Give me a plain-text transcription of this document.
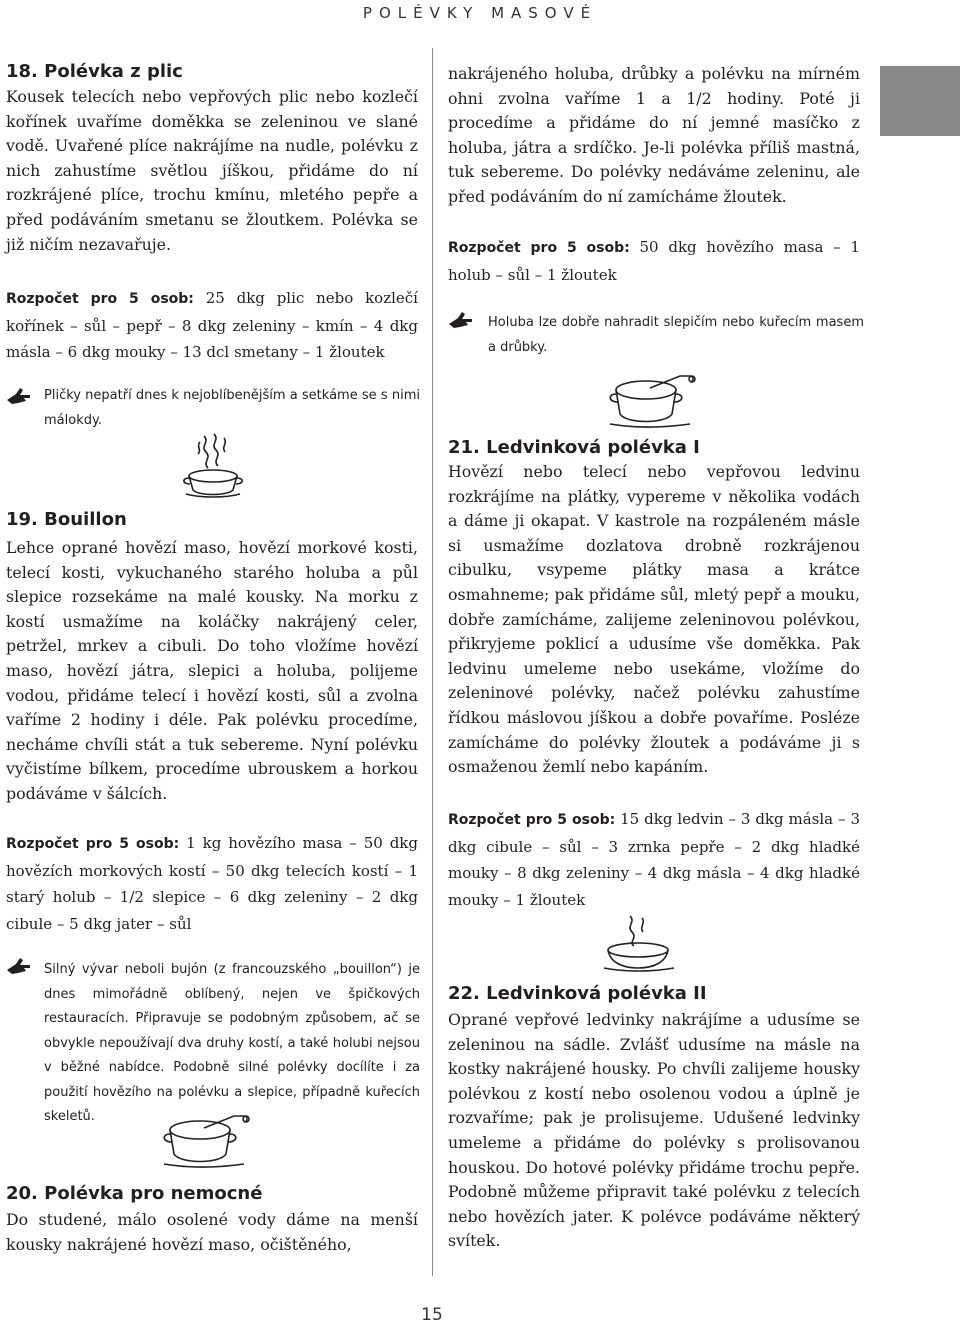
POLÉVKY MASOVÉ
18. Polévka z plic

Kousek telecích nebo vepřových plic nebo kozlečí kořínek uvaříme doměkka se zeleninou ve slané vodě. Uvařené plíce nakrájíme na nudle, polévku z nich zahustíme světlou jíškou, přidáme do ní rozkrájené plíce, trochu kmínu, mletého pepře a před podáváním smetanu se žloutkem. Polévka se již ničím nezavařuje.

Rozpočet pro 5 osob: 25 dkg plic nebo kozlečí kořínek – sůl – pepř – 8 dkg zeleniny – kmín – 4 dkg másla – 6 dkg mouky – 13 dcl smetany – 1 žloutek
Pličky nepatří dnes k nejoblíbenějším a setkáme se s nimi málokdy.
19. Bouillon

Lehce oprané hovězí maso, hovězí morkové kosti, telecí kosti, vykuchaného starého holuba a půl slepice rozsekáme na malé kousky. Na morku z kostí usmažíme na koláčky nakrájený celer, petržel, mrkev a cibuli. Do toho vložíme hovězí maso, hovězí játra, slepici a holuba, polijeme vodou, přidáme telecí i hovězí kosti, sůl a zvolna vaříme 2 hodiny i déle. Pak polévku procedíme, necháme chvíli stát a tuk sebereme. Nyní polévku vyčistíme bílkem, procedíme ubrouskem a horkou podáváme v šálcích.

Rozpočet pro 5 osob: 1 kg hovězího masa – 50 dkg hovězích morkových kostí – 50 dkg telecích kostí – 1 starý holub – 1/2 slepice – 6 dkg zeleniny – 2 dkg cibule – 5 dkg jater – sůl
Silný vývar neboli bujón (z francouzského „bouillon“) je dnes mimořádně oblíbený, nejen ve špičkových restauracích. Připravuje se podobným způsobem, ač se obvykle nepoužívají dva druhy kostí, a také holubi nejsou v běžné nabídce. Podobně silné polévky docílíte i za použití hovězího na polévku a slepice, případně kuřecích skeletů.
20. Polévka pro nemocné

Do studené, málo osolené vody dáme na menší kousky nakrájené hovězí maso, očištěného,

nakrájeného holuba, drůbky a polévku na mírném ohni zvolna vaříme 1 a 1/2 hodiny. Poté ji procedíme a přidáme do ní jemné masíčko z holuba, játra a srdíčko. Je-li polévka příliš mastná, tuk sebereme. Do polévky nedáváme zeleninu, ale před podáváním do ní zamícháme žloutek.

Rozpočet pro 5 osob: 50 dkg hovězího masa – 1 holub – sůl – 1 žloutek
Holuba lze dobře nahradit slepičím nebo kuřecím masem a drůbky.
21. Ledvinková polévka I

Hovězí nebo telecí nebo vepřovou ledvinu rozkrájíme na plátky, vypereme v několika vodách a dáme ji okapat. V kastrole na rozpáleném másle si usmažíme dozlatova drobně rozkrájenou cibulku, vsypeme plátky masa a krátce osmahneme; pak přidáme sůl, mletý pepř a mouku, dobře zamícháme, zalijeme zeleninovou polévkou, přikryjeme poklicí a udusíme vše doměkka. Pak ledvinu umeleme nebo usekáme, vložíme do zeleninové polévky, načež polévku zahustíme řídkou máslovou jíškou a dobře povaříme. Posléze zamícháme do polévky žloutek a podáváme ji s osmaženou žemlí nebo kapáním.

Rozpočet pro 5 osob: 15 dkg ledvin – 3 dkg másla – 3 dkg cibule – sůl – 3 zrnka pepře – 2 dkg hladké mouky – 8 dkg zeleniny – 4 dkg másla – 4 dkg hladké mouky – 1 žloutek
22. Ledvinková polévka II

Oprané vepřové ledvinky nakrájíme a udusíme se zeleninou na sádle. Zvlášť udusíme na másle na kostky nakrájené housky. Po chvíli zalijeme housky polévkou z kostí nebo osolenou vodou a úplně je rozvaříme; pak je prolisujeme. Udušené ledvinky umeleme a přidáme do polévky s prolisovanou houskou. Do hotové polévky přidáme trochu pepře. Podobně můžeme připravit také polévku z telecích nebo hovězích jater. K polévce podáváme některý svítek.

15
